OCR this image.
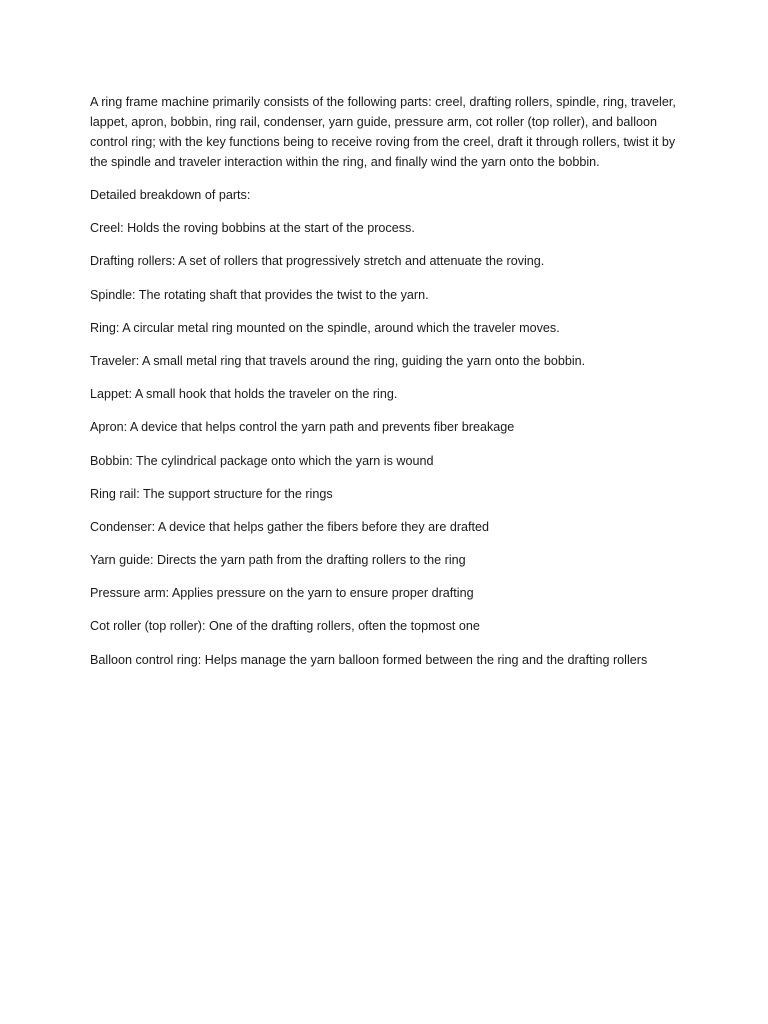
A ring frame machine primarily consists of the following parts: creel, drafting rollers, spindle, ring, traveler, lappet, apron, bobbin, ring rail, condenser, yarn guide, pressure arm, cot roller (top roller), and balloon control ring; with the key functions being to receive roving from the creel, draft it through rollers, twist it by the spindle and traveler interaction within the ring, and finally wind the yarn onto the bobbin.

Detailed breakdown of parts:

Creel: Holds the roving bobbins at the start of the process.

Drafting rollers: A set of rollers that progressively stretch and attenuate the roving.

Spindle: The rotating shaft that provides the twist to the yarn.

Ring: A circular metal ring mounted on the spindle, around which the traveler moves.

Traveler: A small metal ring that travels around the ring, guiding the yarn onto the bobbin.

Lappet: A small hook that holds the traveler on the ring.

Apron: A device that helps control the yarn path and prevents fiber breakage

Bobbin: The cylindrical package onto which the yarn is wound

Ring rail: The support structure for the rings

Condenser: A device that helps gather the fibers before they are drafted

Yarn guide: Directs the yarn path from the drafting rollers to the ring

Pressure arm: Applies pressure on the yarn to ensure proper drafting

Cot roller (top roller): One of the drafting rollers, often the topmost one

Balloon control ring: Helps manage the yarn balloon formed between the ring and the drafting rollers
